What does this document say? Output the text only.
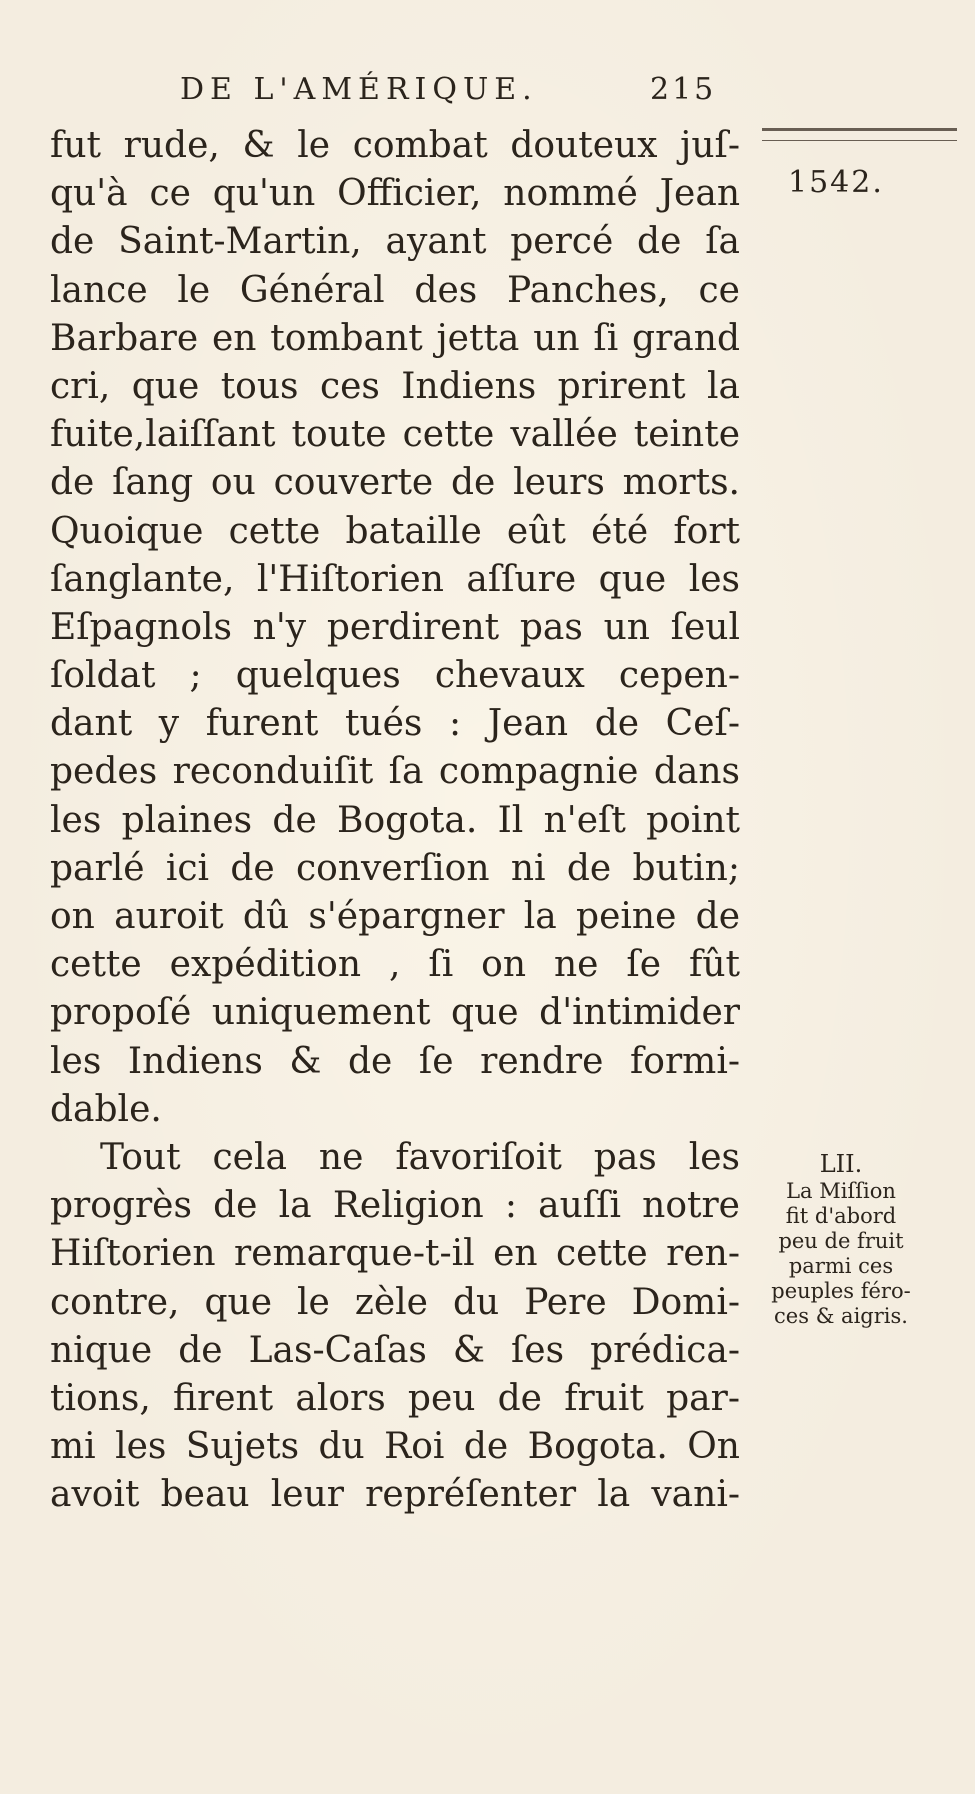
DE L'AMÉRIQUE.	215
1542.
fut rude, & le combat douteux juſ-
qu'à ce qu'un Officier, nommé Jean
de Saint-Martin, ayant percé de ſa
lance le Général des Panches, ce
Barbare en tombant jetta un ſi grand
cri, que tous ces Indiens prirent la
fuite,laiſſant toute cette vallée teinte
de ſang ou couverte de leurs morts.
Quoique cette bataille eût été fort
ſanglante, l'Hiſtorien aſſure que les
Eſpagnols n'y perdirent pas un ſeul
ſoldat ; quelques chevaux cepen-
dant y furent tués : Jean de Ceſ-
pedes reconduiſit ſa compagnie dans
les plaines de Bogota. Il n'eſt point
parlé ici de converſion ni de butin;
on auroit dû s'épargner la peine de
cette expédition , ſi on ne ſe fût
propoſé uniquement que d'intimider
les Indiens & de ſe rendre formi-
dable.
Tout cela ne favoriſoit pas les
progrès de la Religion : auſſi notre
Hiſtorien remarque-t-il en cette ren-
contre, que le zèle du Pere Domi-
nique de Las-Caſas & ſes prédica-
tions, firent alors peu de fruit par-
mi les Sujets du Roi de Bogota. On
avoit beau leur repréſenter la vani-
LII.
La Miſſion
fit d'abord
peu de fruit
parmi ces
peuples féro-
ces & aigris.
